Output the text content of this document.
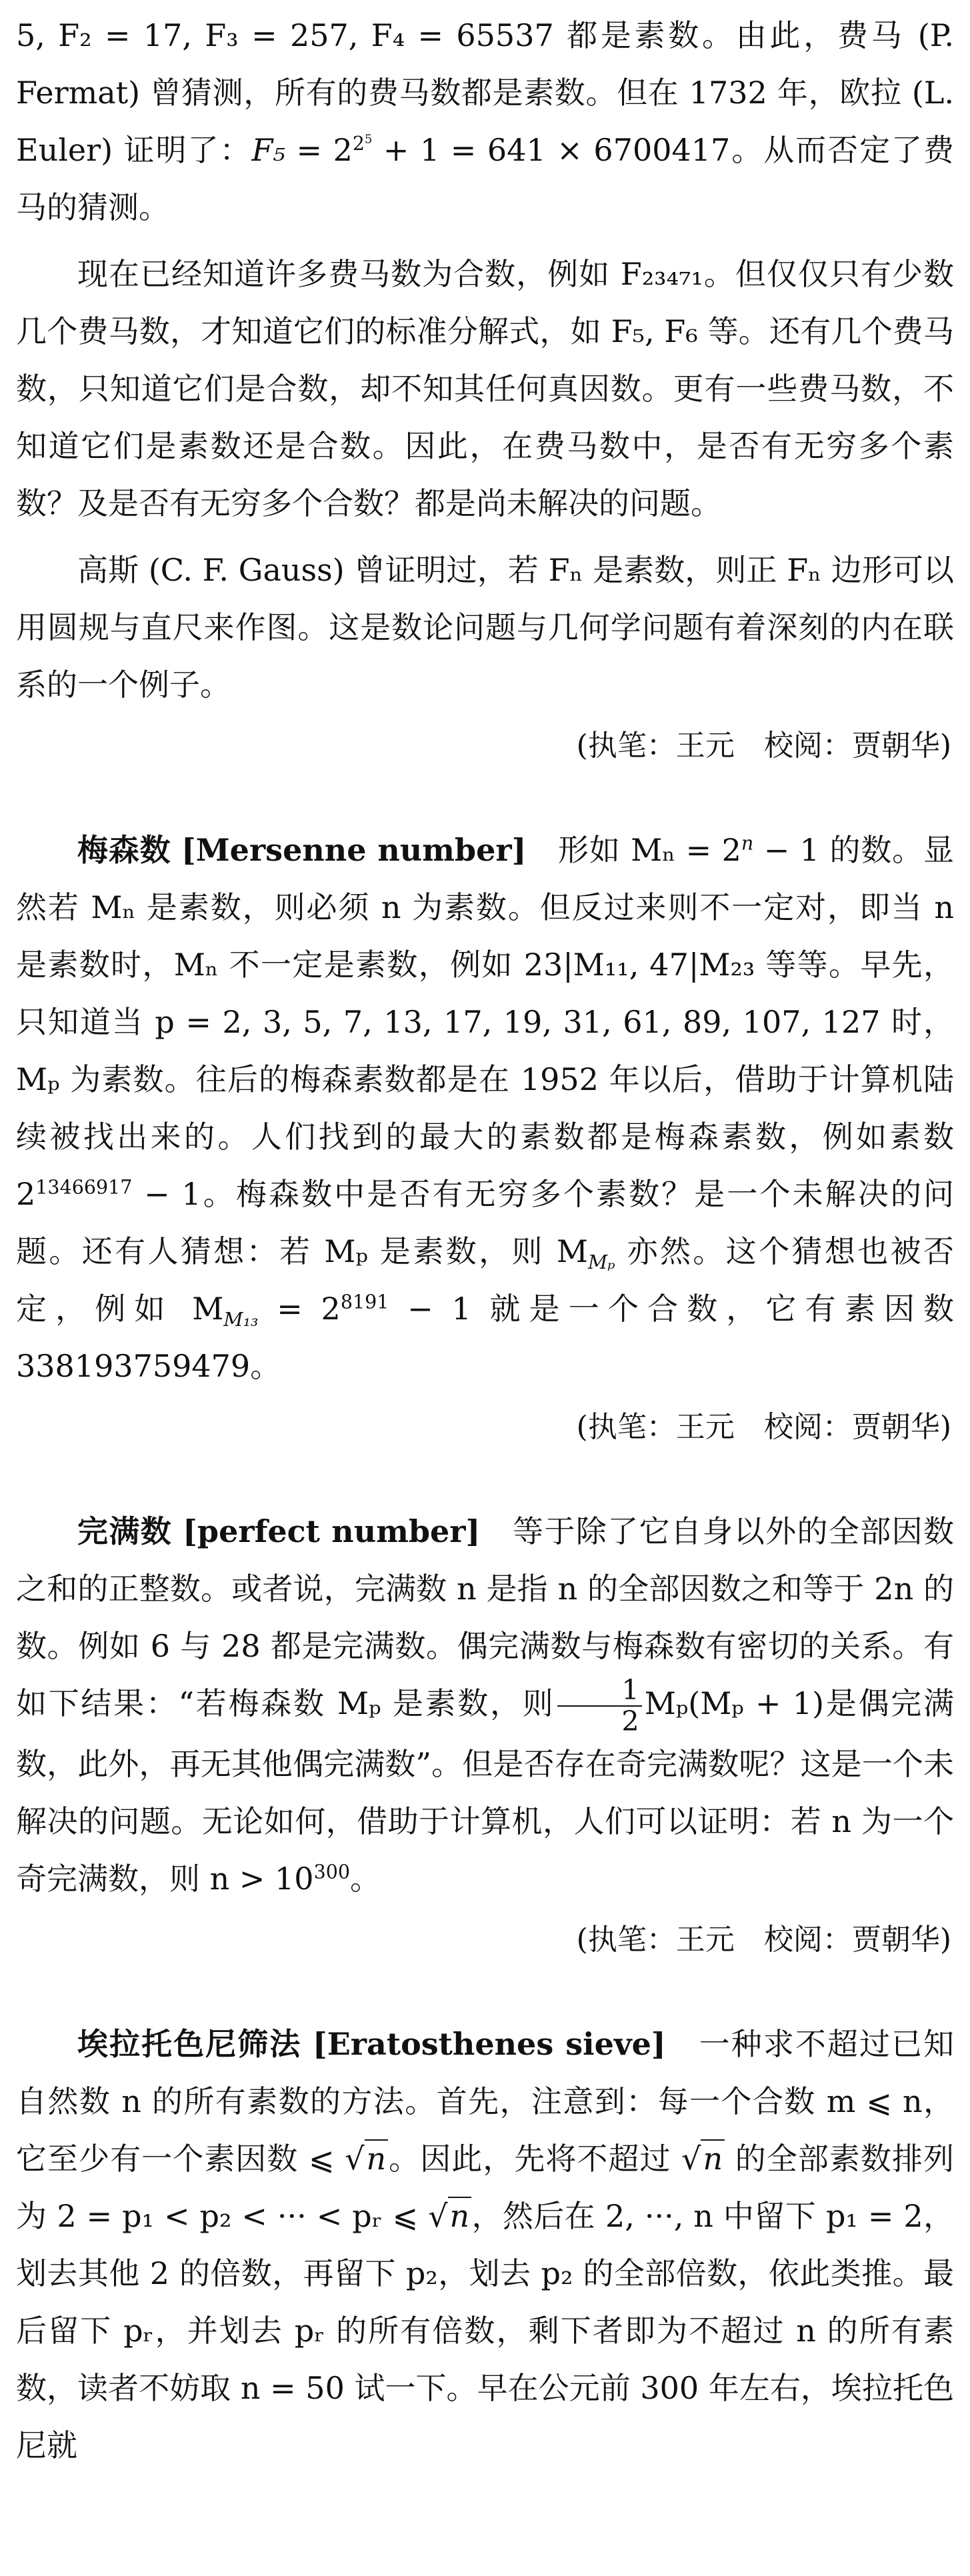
5, F₂ = 17, F₃ = 257, F₄ = 65537 都是素数。由此，费马 (P. Fermat) 曾猜测，所有的费马数都是素数。但在 1732 年，欧拉 (L. Euler) 证明了：$F_5 = 2^{2^5} + 1 = 641 \times 6700417$。从而否定了费马的猜测。

现在已经知道许多费马数为合数，例如 F₂₃₄₇₁。但仅仅只有少数几个费马数，才知道它们的标准分解式，如 F₅, F₆ 等。还有几个费马数，只知道它们是合数，却不知其任何真因数。更有一些费马数，不知道它们是素数还是合数。因此，在费马数中，是否有无穷多个素数？及是否有无穷多个合数？都是尚未解决的问题。

高斯 (C. F. Gauss) 曾证明过，若 Fₙ 是素数，则正 Fₙ 边形可以用圆规与直尺来作图。这是数论问题与几何学问题有着深刻的内在联系的一个例子。

(执笔：王元　校阅：贾朝华)

梅森数 [Mersenne number]　形如 $M_n = 2^n - 1$ 的数。显然若 Mₙ 是素数，则必须 n 为素数。但反过来则不一定对，即当 n 是素数时，Mₙ 不一定是素数，例如 23|M₁₁, 47|M₂₃ 等等。早先，只知道当 p = 2, 3, 5, 7, 13, 17, 19, 31, 61, 89, 107, 127 时，Mₚ 为素数。往后的梅森素数都是在 1952 年以后，借助于计算机陆续被找出来的。人们找到的最大的素数都是梅森素数，例如素数 $2^{13466917} - 1$。梅森数中是否有无穷多个素数？是一个未解决的问题。还有人猜想：若 Mₚ 是素数，则 $M_{M_p}$ 亦然。这个猜想也被否定，例如 $M_{M_{13}} = 2^{8191} - 1$ 就是一个合数，它有素因数 338193759479。

(执笔：王元　校阅：贾朝华)

完满数 [perfect number]　等于除了它自身以外的全部因数之和的正整数。或者说，完满数 n 是指 n 的全部因数之和等于 2n 的数。例如 6 与 28 都是完满数。偶完满数与梅森数有密切的关系。有如下结果：“若梅森数 Mₚ 是素数，则 $\frac{1}{2} M_p(M_p + 1)$是偶完满数，此外，再无其他偶完满数”。但是否存在奇完满数呢？这是一个未解决的问题。无论如何，借助于计算机，人们可以证明：若 n 为一个奇完满数，则 $n > 10^{300}$。

(执笔：王元　校阅：贾朝华)

埃拉托色尼筛法 [Eratosthenes sieve]　一种求不超过已知自然数 n 的所有素数的方法。首先，注意到：每一个合数 m ⩽ n，它至少有一个素因数 ⩽ √n。因此，先将不超过 √n 的全部素数排列为 2 = p₁ < p₂ < ··· < pᵣ ⩽ √n，然后在 2, ···, n 中留下 p₁ = 2，划去其他 2 的倍数，再留下 p₂，划去 p₂ 的全部倍数，依此类推。最后留下 pᵣ，并划去 pᵣ 的所有倍数，剩下者即为不超过 n 的所有素数，读者不妨取 n = 50 试一下。早在公元前 300 年左右，埃拉托色尼就
